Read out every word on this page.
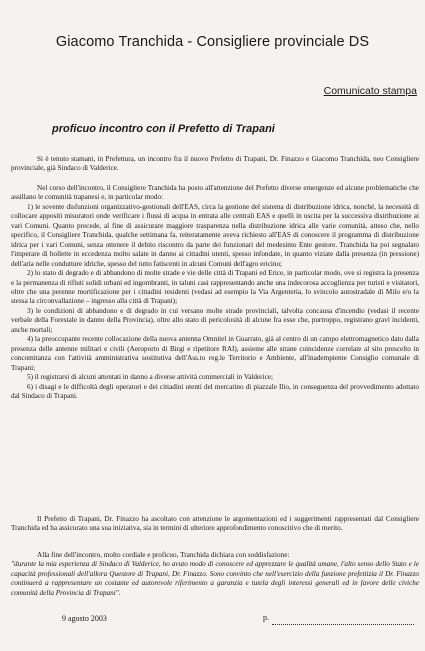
Giacomo Tranchida - Consigliere provinciale DS
Comunicato stampa
proficuo incontro con il Prefetto di Trapani

Si è tenuto stamani, in Prefettura, un incontro fra il nuovo Prefetto di Trapani, Dr. Finazzo e Giacomo Tranchida, neo Consigliere provinciale, già Sindaco di Valderice.

Nel corso dell'incontro, il Consigliere Tranchida ha posto all'attenzione del Prefetto diverse emergenze ed alcune problematiche che assillano le comunità trapanesi e, in particolar modo:

1) le sovente disfunzioni organizzativo-gestionali dell'EAS, circa la gestione del sistema di distribuzione idrica, nonché, la necessità di collocare appositi misuratori onde verificare i flussi di acqua in entrata alle centrali EAS e quelli in uscita per la successiva distribuzione ai vari Comuni. Quanto precede, al fine di assicurare maggiore trasparenza nella distribuzione idrica alle varie comunità, atteso che, nello specifico, il Consigliere Tranchida, qualche settimana fa, reiteratamente aveva richiesto all'EAS di conoscere il programma di distribuzione idrica per i vari Comuni, senza ottenere il debito riscontro da parte dei funzionari del medesimo Ente gestore. Tranchida ha poi segnalato l'imperare di bollette in eccedenza molto salate in danno ai cittadini utenti, spesso infondate, in quanto viziate dalla presenza (in pressione) dell'aria nelle condutture idriche, spesso del tutto fatiscenti in alcuni Comuni dell'agro ericino;

2) lo stato di degrado e di abbandono di molte strade e vie delle città di Trapani ed Erice, in particolar modo, ove si registra la presenza e la permanenza di rifiuti solidi urbani ed ingombranti, in taluni casi rappresentando anche una indecorosa accoglienza per turisti e visitatori, oltre che una perenne mortificazione per i cittadini residenti (vedasi ad esempio la Via Argenteria, lo svincolo autostradale di Milo e/o la stessa la circonvallazione – ingresso alla città di Trapani);

3) le condizioni di abbandono e di degrado in cui versano molte strade provinciali, talvolta concausa d'incendio (vedasi il recente verbale della Forestale in danno della Provincia), oltre allo stato di pericolosità di alcune fra esse che, purtroppo, registrano gravi incidenti, anche mortali;

4) la preoccupante recente collocazione della nuova antenna Omnitel in Guarrato, già al centro di un campo elettromagnetico dato dalla presenza delle antenne militari e civili (Aeroporto di Birgi e ripetitore RAI), assieme alle strane coincidenze correlate al sito prescelto in concomitanza con l'attività amministrativa sostitutiva dell'Ass.to reg.le Territorio e Ambiente, all'inadempiente Consiglio comunale di Trapani;

5) il registrarsi di alcuni attentati in danno a diverse attività commerciali in Valderice;

6) i disagi e le difficoltà degli operatori e dei cittadini utenti del mercatino di piazzale Ilio, in conseguenza del provvedimento adottato dal Sindaco di Trapani.

Il Prefetto di Trapani, Dr. Finazzo ha ascoltato con attenzione le argomentazioni ed i suggerimenti rappresentati dal Consigliere Tranchida ed ha assicurato una sua iniziativa, sia in termini di ulteriore approfondimento conoscitivo che di merito.

Alla fine dell'incontro, molto cordiale e proficuo, Tranchida dichiara con soddisfazione:

"durante la mia esperienza di Sindaco di Valderice, ho avuto modo di conoscere ed apprezzare le qualità umane, l'alto senso dello Stato e le capacità professionali dell'allora Questore di Trapani, Dr. Finazzo. Sono convinto che nell'esercizio della funzione prefettizia il Dr. Finazzo continuerà a rappresentare un costante ed autorevole riferimento a garanzia e tutela degli interessi generali ed in favore delle civiche comunità della Provincia di Trapani".

9 agosto 2003	p.
